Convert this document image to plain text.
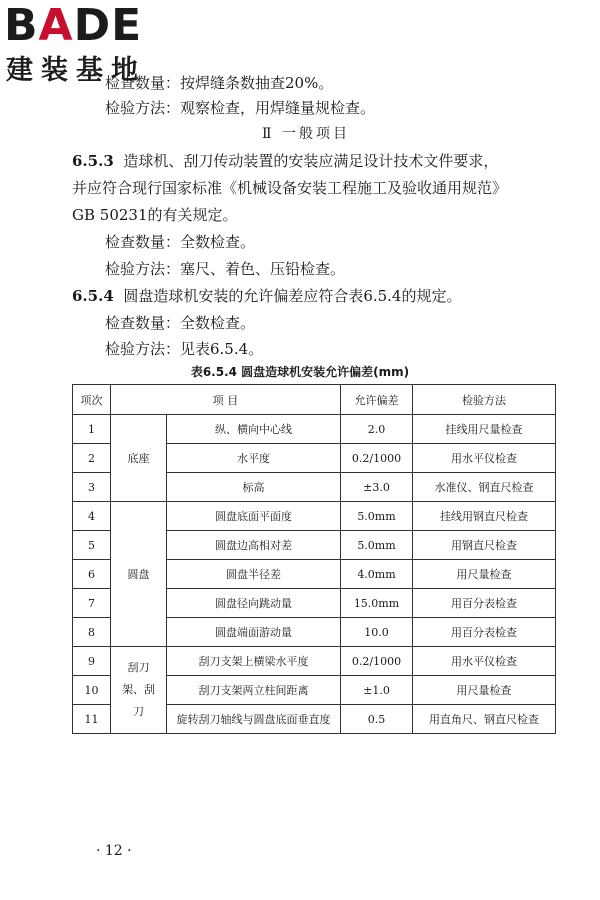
BADE
建装基地
检查数量：按焊缝条数抽查20%。
检验方法：观察检查，用焊缝量规检查。
Ⅱ 一般项目
6.5.3 造球机、刮刀传动装置的安装应满足设计技术文件要求，
并应符合现行国家标准《机械设备安装工程施工及验收通用规范》
GB 50231的有关规定。
检查数量：全数检查。
检验方法：塞尺、着色、压铅检查。
6.5.4 圆盘造球机安装的允许偏差应符合表6.5.4的规定。
检查数量：全数检查。
检验方法：见表6.5.4。
表6.5.4 圆盘造球机安装允许偏差(mm)
项次	项 目		允许偏差	检验方法
1	底座	纵、横向中心线	2.0	挂线用尺量检查
2		水平度	0.2/1000	用水平仪检查
3		标高	±3.0	水准仪、钢直尺检查
4	圆盘	圆盘底面平面度	5.0mm	挂线用钢直尺检查
5		圆盘边高相对差	5.0mm	用钢直尺检查
6		圆盘半径差	4.0mm	用尺量检查
7		圆盘径向跳动量	15.0mm	用百分表检查
8		圆盘端面游动量	10.0	用百分表检查
9	刮刀架、刮刀	刮刀支架上横梁水平度	0.2/1000	用水平仪检查
10		刮刀支架两立柱间距离	±1.0	用尺量检查
11		旋转刮刀轴线与圆盘底面垂直度	0.5	用直角尺、钢直尺检查
· 12 ·
